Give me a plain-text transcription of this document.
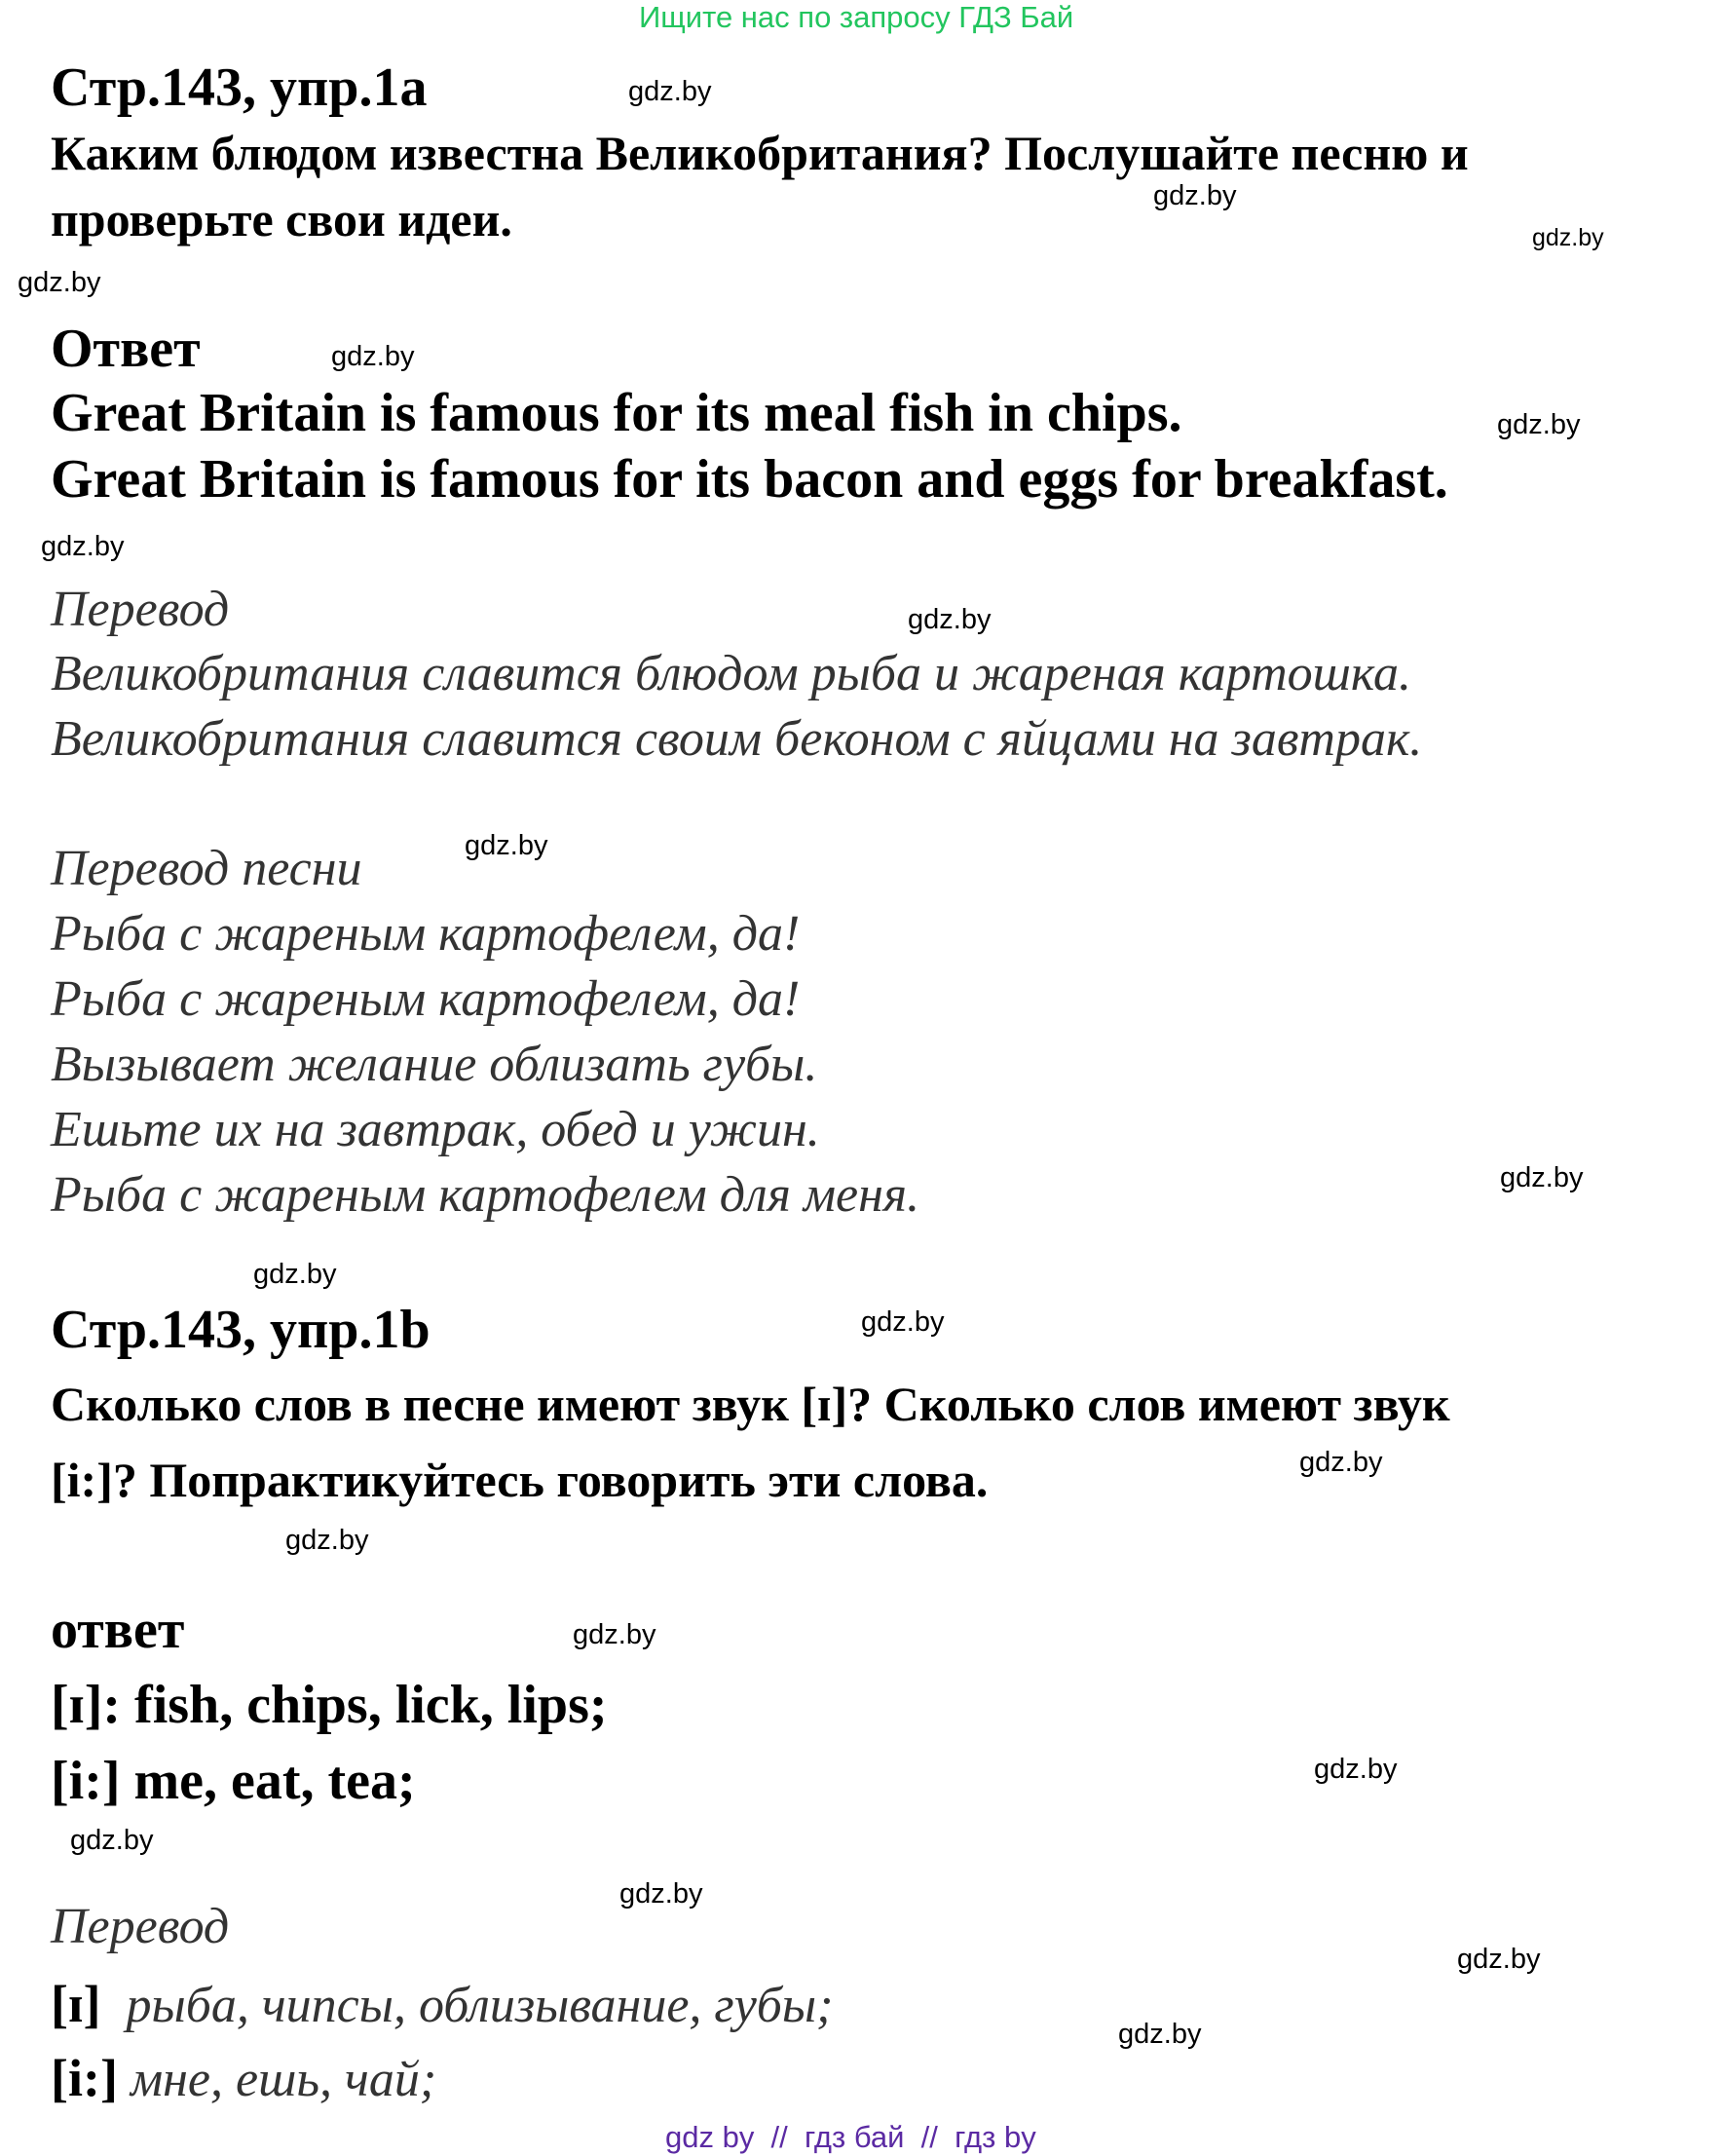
Ищите нас по запросу ГДЗ Бай
Стр.143, упр.1а
Каким блюдом известна Великобритания? Послушайте песню и
проверьте свои идеи.
Ответ
Great Britain is famous for its meal fish in chips.
Great Britain is famous for its bacon and eggs for breakfast.
Перевод
Великобритания славится блюдом рыба и жареная картошка.
Великобритания славится своим беконом с яйцами на завтрак.
Перевод песни
Рыба с жареным картофелем, да!
Рыба с жареным картофелем, да!
Вызывает желание облизать губы.
Ешьте их на завтрак, обед и ужин.
Рыба с жареным картофелем для меня.
Стр.143, упр.1b
Сколько слов в песне имеют звук [ɪ]? Сколько слов имеют звук
[i:]? Попрактикуйтесь говорить эти слова.
ответ
[ɪ]: fish, chips, lick, lips;
[i:] me, eat, tea;
Перевод
[ɪ] рыба, чипсы, облизывание, губы;
[i:] мне, ешь, чай;
gdz.by
gdz.by
gdz.by
gdz.by
gdz.by
gdz.by
gdz.by
gdz.by
gdz.by
gdz.by
gdz.by
gdz.by
gdz.by
gdz.by
gdz.by
gdz.by
gdz.by
gdz.by
gdz.by
gdz.by
gdz by  //  гдз бай  //  гдз by
